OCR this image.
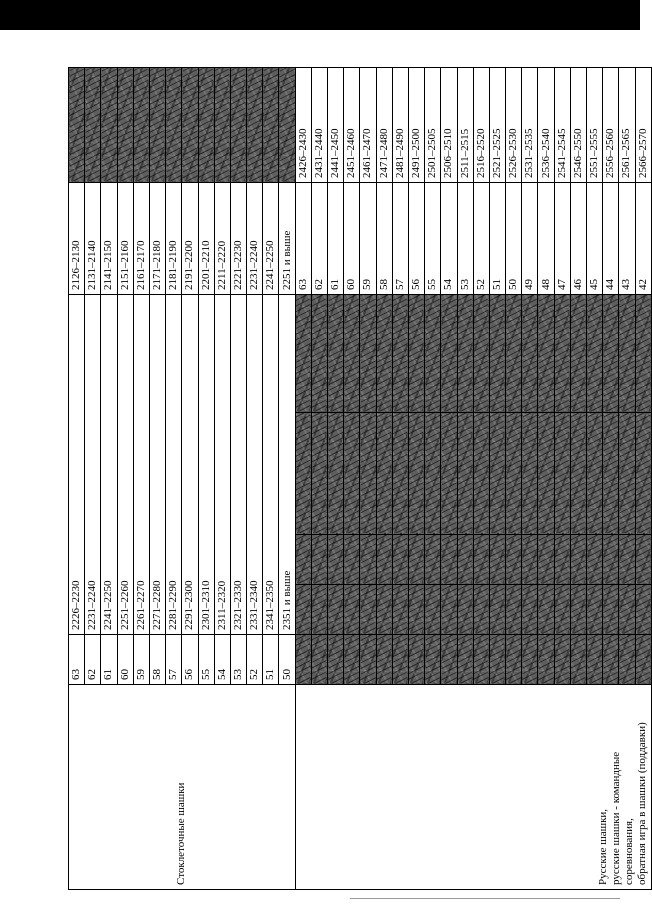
Стоклеточные шашки	63	2226–2230				2126–2130		
	62	2231–2240				2131–2140		
	61	2241–2250				2141–2150		
	60	2251–2260				2151–2160		
	59	2261–2270				2161–2170		
	58	2271–2280				2171–2180		
	57	2281–2290				2181–2190		
	56	2291–2300				2191–2200		
	55	2301–2310				2201–2210		
	54	2311–2320				2211–2220		
	53	2321–2330				2221–2230		
	52	2331–2340				2231–2240		
	51	2341–2350				2241–2250		
	50	2351 и выше				2251 и выше		

Русские шашки, русские шашки - командные соревнования, обратная игра в шашки (поддавки)						63	2426–2430	
						62	2431–2440	
						61	2441–2450	
						60	2451–2460	
						59	2461–2470	
						58	2471–2480	
						57	2481–2490	
						56	2491–2500	
						55	2501–2505	
						54	2506–2510	
						53	2511–2515	
						52	2516–2520	
						51	2521–2525	
						50	2526–2530	
						49	2531–2535	
						48	2536–2540	
						47	2541–2545	
						46	2546–2550	
						45	2551–2555	
						44	2556–2560	
						43	2561–2565	
						42	2566–2570	
